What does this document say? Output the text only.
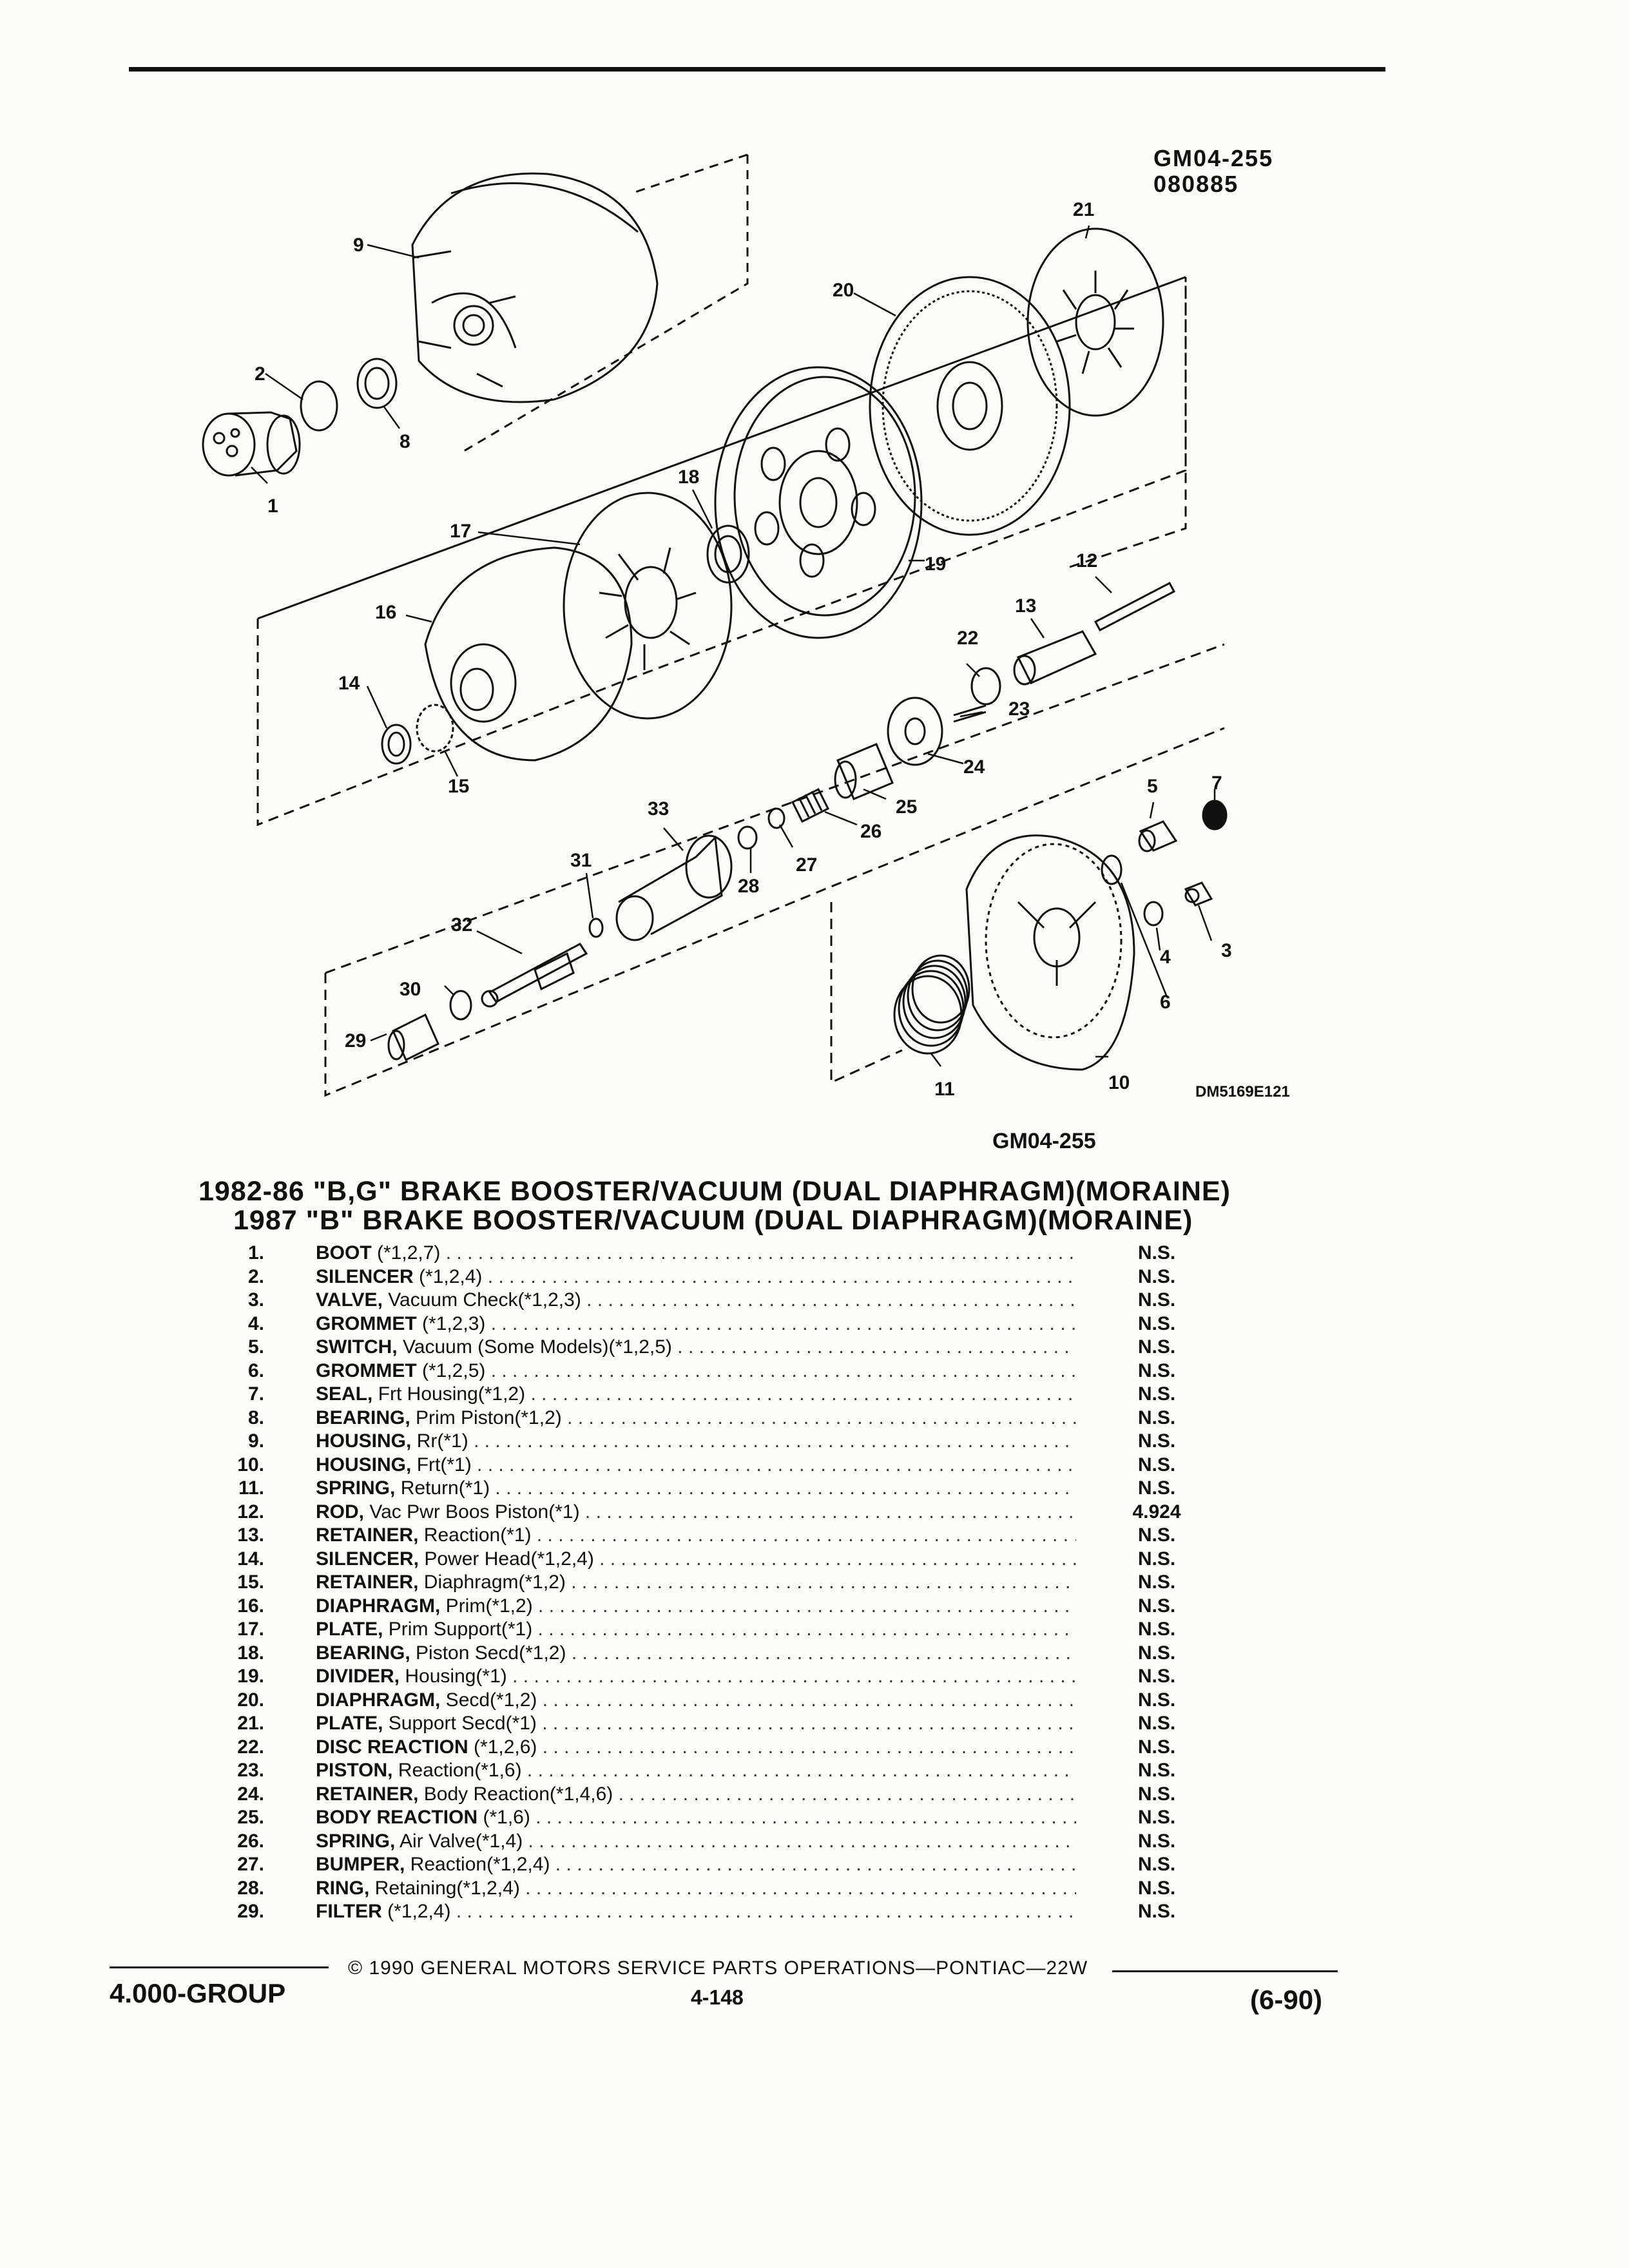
GM04-255
080885
1
2
3
4
5
6
7
8
9
10
11
12
13
14
15
16
17
18
19
20
21
22
23
24
25
26
27
28
29
30
31
32
33
DM5169E121
GM04-255
1982-86 "B,G" BRAKE BOOSTER/VACUUM (DUAL DIAPHRAGM)(MORAINE)
1987 "B" BRAKE BOOSTER/VACUUM (DUAL DIAPHRAGM)(MORAINE)
1.	BOOT (*1,2,7) . . .	N.S.
2.	SILENCER (*1,2,4) . . .	N.S.
3.	VALVE, Vacuum Check(*1,2,3) . . .	N.S.
4.	GROMMET (*1,2,3) . . .	N.S.
5.	SWITCH, Vacuum (Some Models)(*1,2,5) . . .	N.S.
6.	GROMMET (*1,2,5) . . .	N.S.
7.	SEAL, Frt Housing(*1,2) . . .	N.S.
8.	BEARING, Prim Piston(*1,2) . . .	N.S.
9.	HOUSING, Rr(*1) . . .	N.S.
10.	HOUSING, Frt(*1) . . .	N.S.
11.	SPRING, Return(*1) . . .	N.S.
12.	ROD, Vac Pwr Boos Piston(*1) . . .	4.924
13.	RETAINER, Reaction(*1) . . .	N.S.
14.	SILENCER, Power Head(*1,2,4) . . .	N.S.
15.	RETAINER, Diaphragm(*1,2) . . .	N.S.
16.	DIAPHRAGM, Prim(*1,2) . . .	N.S.
17.	PLATE, Prim Support(*1) . . .	N.S.
18.	BEARING, Piston Secd(*1,2) . . .	N.S.
19.	DIVIDER, Housing(*1) . . .	N.S.
20.	DIAPHRAGM, Secd(*1,2) . . .	N.S.
21.	PLATE, Support Secd(*1) . . .	N.S.
22.	DISC REACTION (*1,2,6) . . .	N.S.
23.	PISTON, Reaction(*1,6) . . .	N.S.
24.	RETAINER, Body Reaction(*1,4,6) . . .	N.S.
25.	BODY REACTION (*1,6) . . .	N.S.
26.	SPRING, Air Valve(*1,4) . . .	N.S.
27.	BUMPER, Reaction(*1,2,4) . . .	N.S.
28.	RING, Retaining(*1,2,4) . . .	N.S.
29.	FILTER (*1,2,4) . . .	N.S.
4.000-GROUP
© 1990 GENERAL MOTORS SERVICE PARTS OPERATIONS—PONTIAC—22W
4-148	(6-90)
